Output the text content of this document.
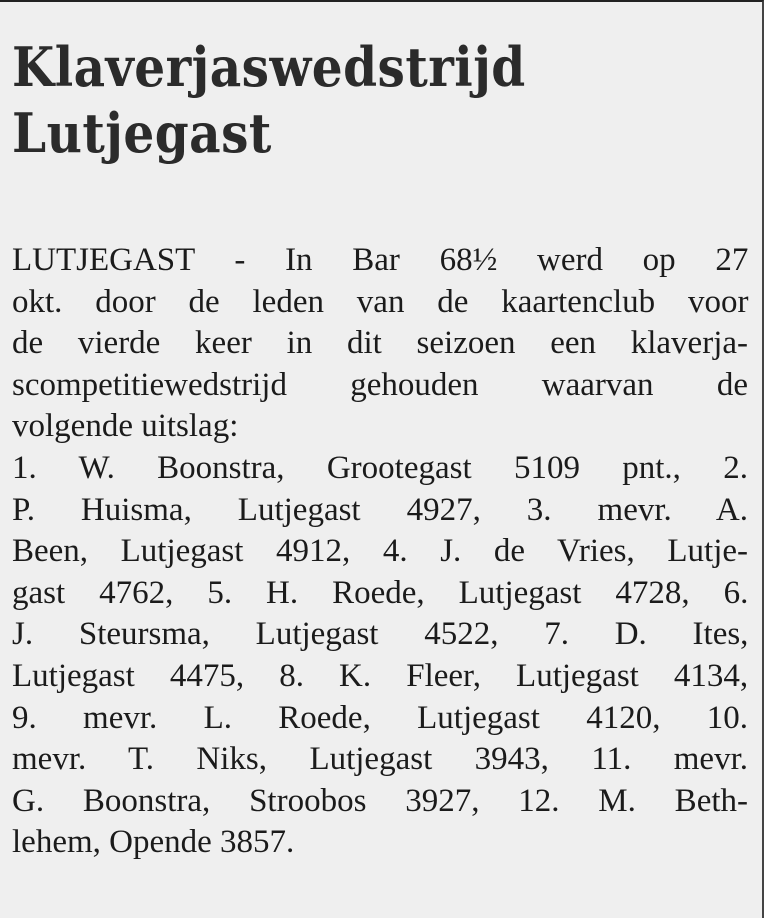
Klaverjaswedstrijd
Lutjegast
LUTJEGAST - In Bar 68½ werd op 27
okt. door de leden van de kaartenclub voor
de vierde keer in dit seizoen een klaverja-
scompetitiewedstrijd gehouden waarvan de
volgende uitslag:
1. W. Boonstra, Grootegast 5109 pnt., 2.
P. Huisma, Lutjegast 4927, 3. mevr. A.
Been, Lutjegast 4912, 4. J. de Vries, Lutje-
gast 4762, 5. H. Roede, Lutjegast 4728, 6.
J. Steursma, Lutjegast 4522, 7. D. Ites,
Lutjegast 4475, 8. K. Fleer, Lutjegast 4134,
9. mevr. L. Roede, Lutjegast 4120, 10.
mevr. T. Niks, Lutjegast 3943, 11. mevr.
G. Boonstra, Stroobos 3927, 12. M. Beth-
lehem, Opende 3857.
